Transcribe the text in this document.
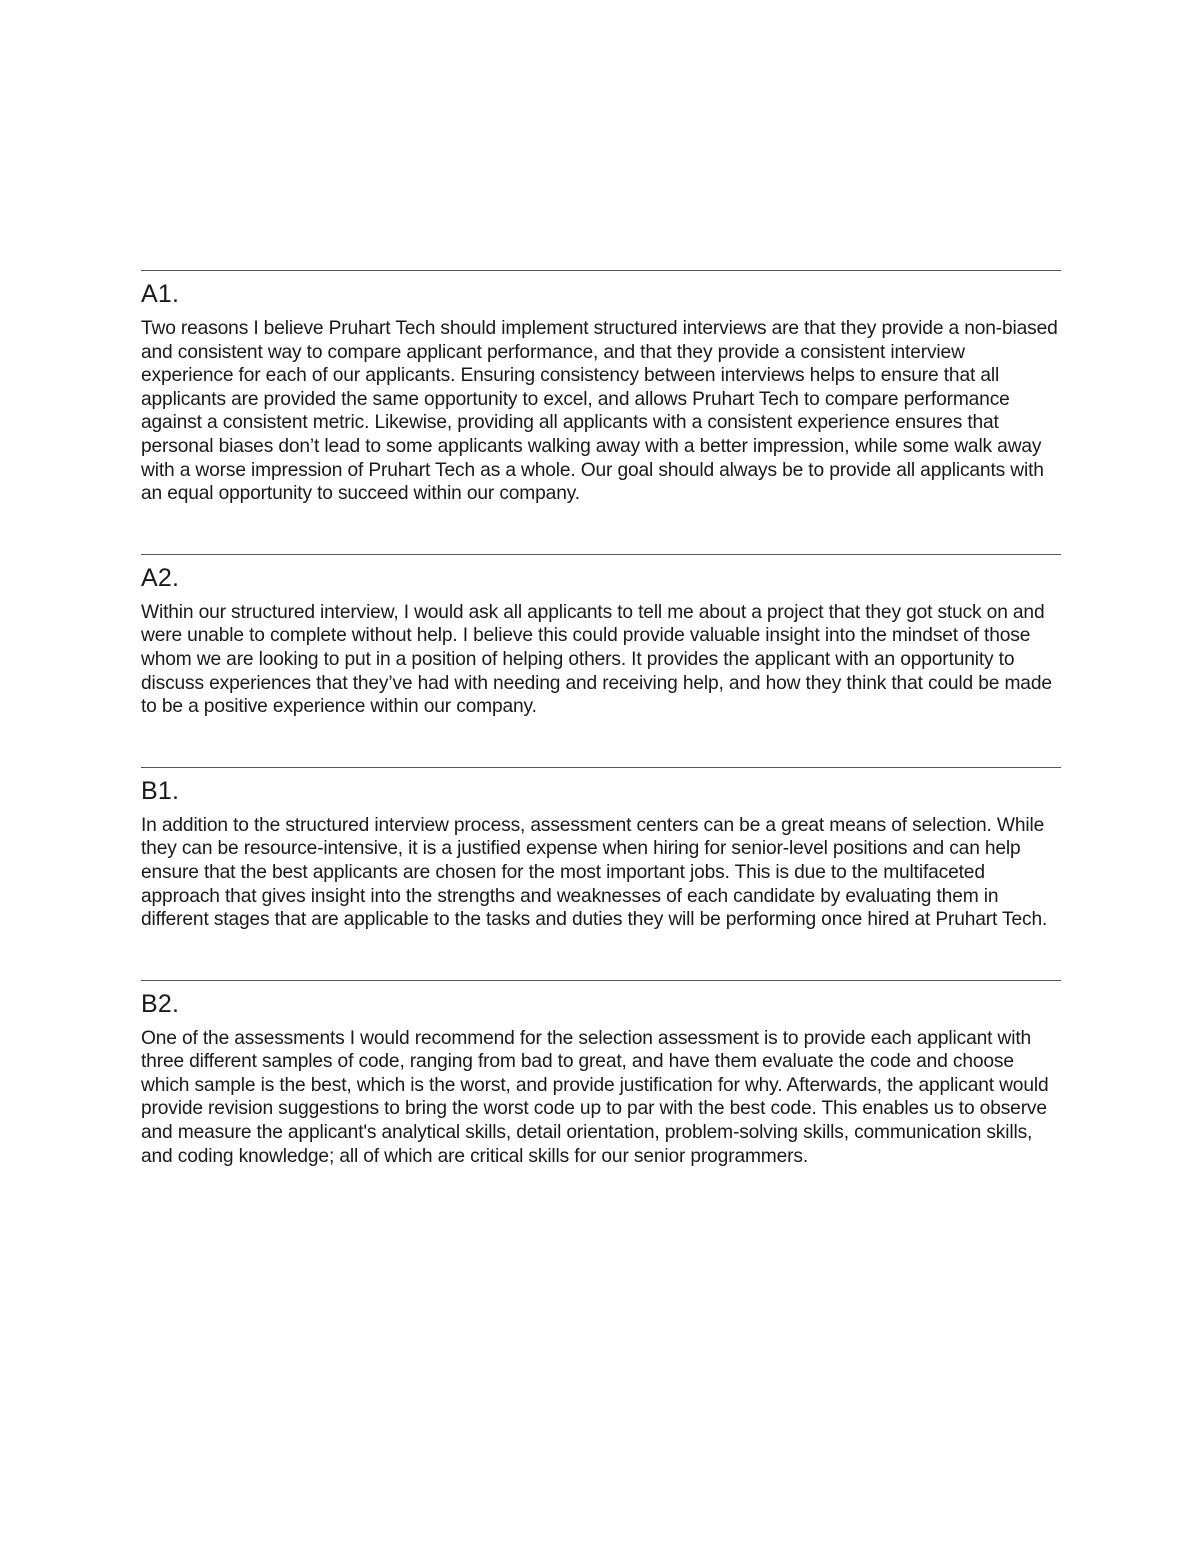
A1.

Two reasons I believe Pruhart Tech should implement structured interviews are that they provide a non-biased and consistent way to compare applicant performance, and that they provide a consistent interview experience for each of our applicants. Ensuring consistency between interviews helps to ensure that all applicants are provided the same opportunity to excel, and allows Pruhart Tech to compare performance against a consistent metric. Likewise, providing all applicants with a consistent experience ensures that personal biases don’t lead to some applicants walking away with a better impression, while some walk away with a worse impression of Pruhart Tech as a whole. Our goal should always be to provide all applicants with an equal opportunity to succeed within our company.

A2.

Within our structured interview, I would ask all applicants to tell me about a project that they got stuck on and were unable to complete without help. I believe this could provide valuable insight into the mindset of those whom we are looking to put in a position of helping others. It provides the applicant with an opportunity to discuss experiences that they’ve had with needing and receiving help, and how they think that could be made to be a positive experience within our company.

B1.

In addition to the structured interview process, assessment centers can be a great means of selection. While they can be resource-intensive, it is a justified expense when hiring for senior-level positions and can help ensure that the best applicants are chosen for the most important jobs. This is due to the multifaceted approach that gives insight into the strengths and weaknesses of each candidate by evaluating them in different stages that are applicable to the tasks and duties they will be performing once hired at Pruhart Tech.

B2.

One of the assessments I would recommend for the selection assessment is to provide each applicant with three different samples of code, ranging from bad to great, and have them evaluate the code and choose which sample is the best, which is the worst, and provide justification for why. Afterwards, the applicant would provide revision suggestions to bring the worst code up to par with the best code. This enables us to observe and measure the applicant's analytical skills, detail orientation, problem-solving skills, communication skills, and coding knowledge; all of which are critical skills for our senior programmers.
